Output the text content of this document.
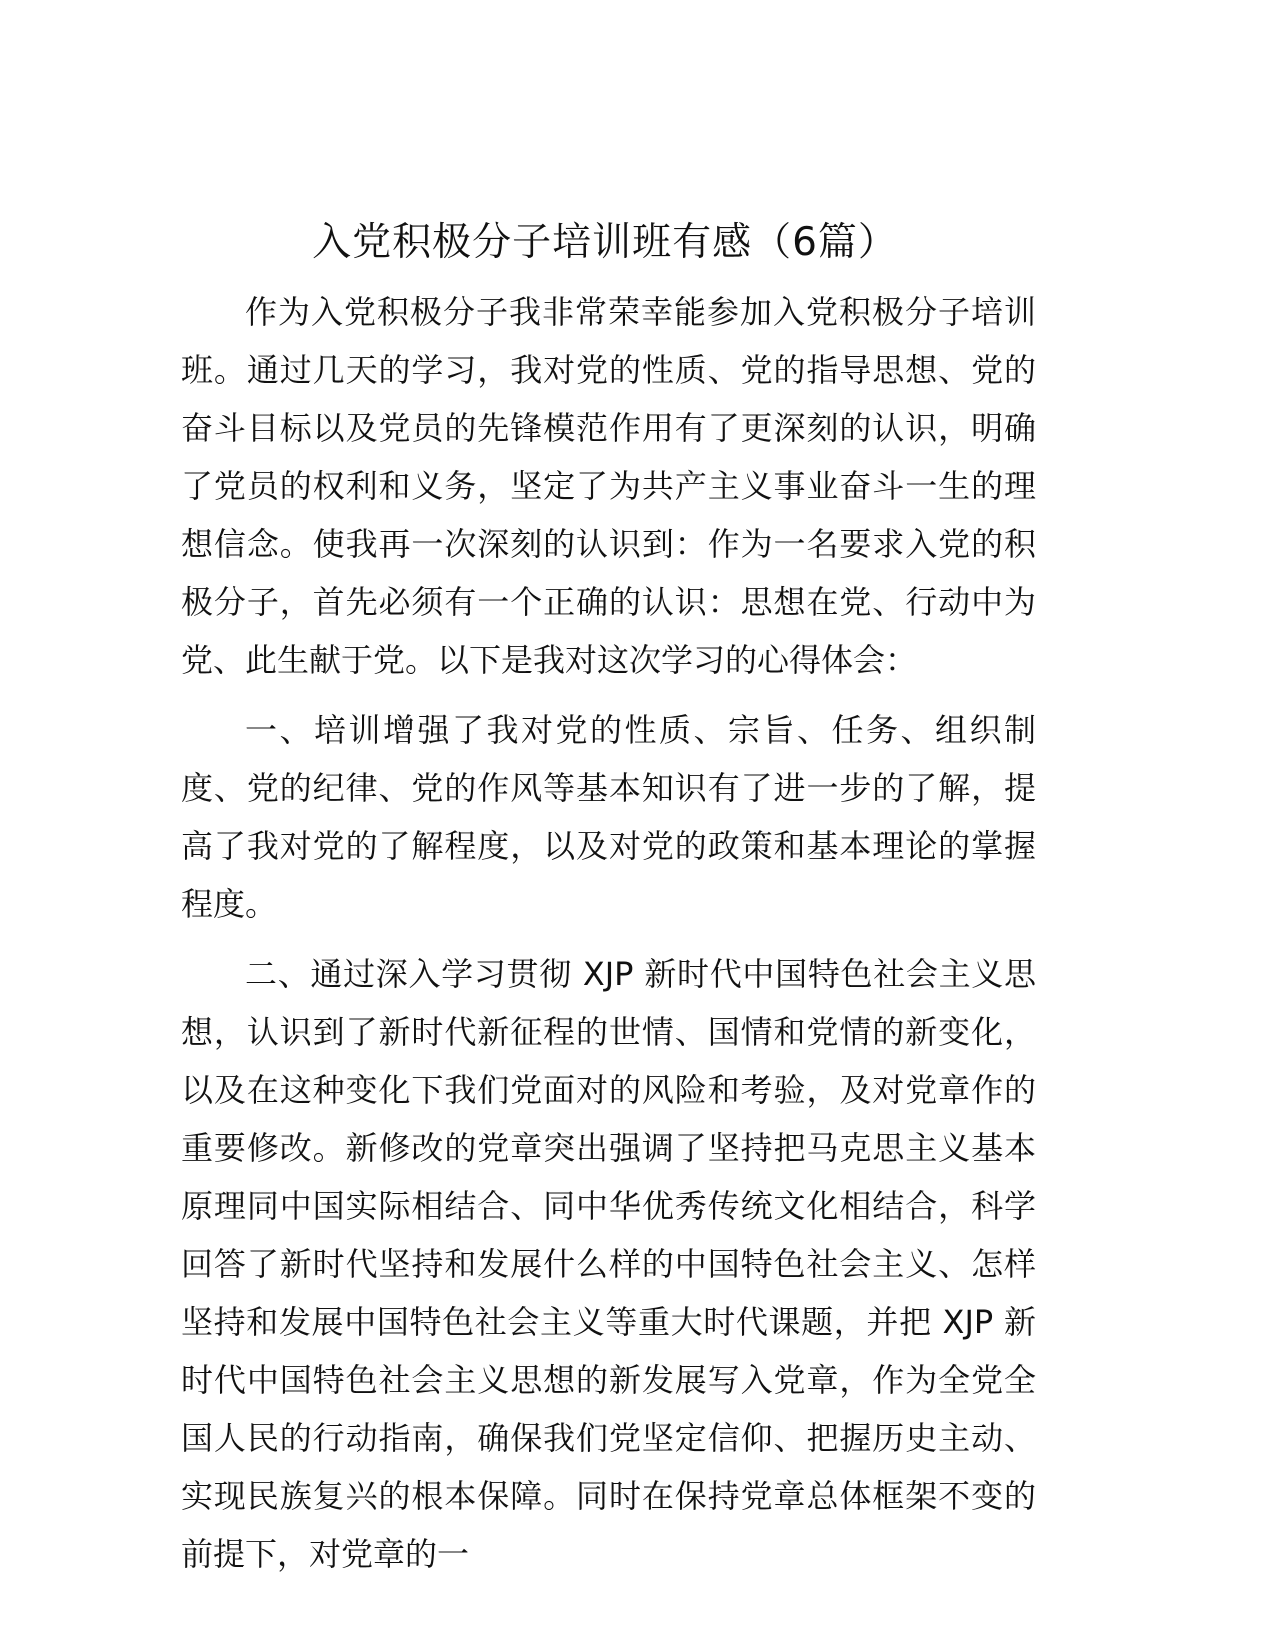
入党积极分子培训班有感（6篇）

作为入党积极分子我非常荣幸能参加入党积极分子培训班。通过几天的学习，我对党的性质、党的指导思想、党的奋斗目标以及党员的先锋模范作用有了更深刻的认识，明确了党员的权利和义务，坚定了为共产主义事业奋斗一生的理想信念。使我再一次深刻的认识到：作为一名要求入党的积极分子，首先必须有一个正确的认识：思想在党、行动中为党、此生献于党。以下是我对这次学习的心得体会：

一、培训增强了我对党的性质、宗旨、任务、组织制度、党的纪律、党的作风等基本知识有了进一步的了解，提高了我对党的了解程度，以及对党的政策和基本理论的掌握程度。

二、通过深入学习贯彻 XJP 新时代中国特色社会主义思想，认识到了新时代新征程的世情、国情和党情的新变化，以及在这种变化下我们党面对的风险和考验，及对党章作的重要修改。新修改的党章突出强调了坚持把马克思主义基本原理同中国实际相结合、同中华优秀传统文化相结合，科学回答了新时代坚持和发展什么样的中国特色社会主义、怎样坚持和发展中国特色社会主义等重大时代课题，并把 XJP 新时代中国特色社会主义思想的新发展写入党章，作为全党全国人民的行动指南，确保我们党坚定信仰、把握历史主动、实现民族复兴的根本保障。同时在保持党章总体框架不变的前提下，对党章的一
